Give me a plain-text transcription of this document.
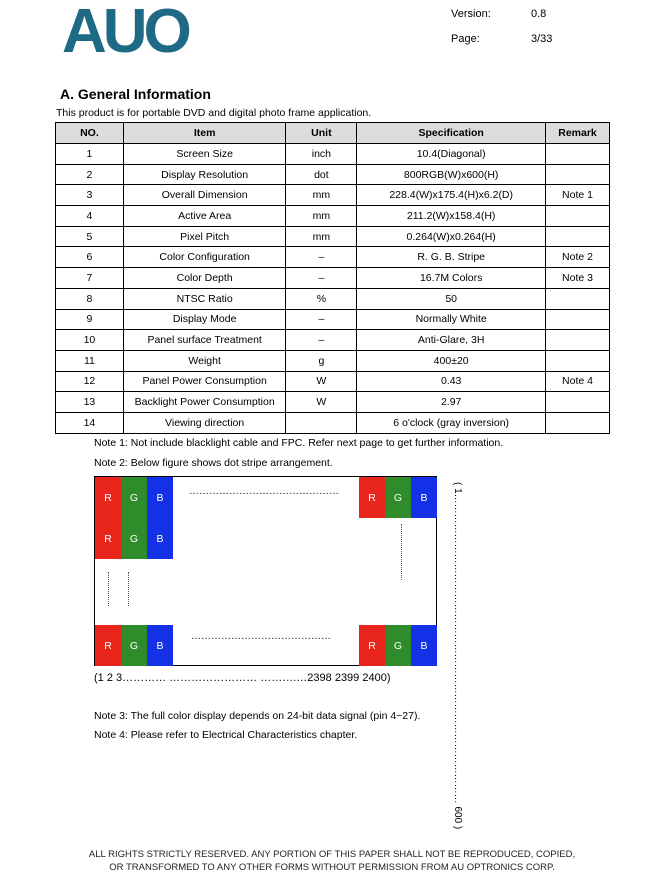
AUO	Version:	0.8
Page:	3/33
A. General Information
This product is for portable DVD and digital photo frame application.
NO.	Item	Unit	Specification	Remark
1	Screen Size	inch	10.4(Diagonal)	
2	Display Resolution	dot	800RGB(W)x600(H)	
3	Overall Dimension	mm	228.4(W)x175.4(H)x6.2(D)	Note 1
4	Active Area	mm	211.2(W)x158.4(H)	
5	Pixel Pitch	mm	0.264(W)x0.264(H)	
6	Color Configuration	–	R. G. B. Stripe	Note 2
7	Color Depth	–	16.7M Colors	Note 3
8	NTSC Ratio	%	50	
9	Display Mode	–	Normally White	
10	Panel surface Treatment	–	Anti-Glare, 3H	
11	Weight	g	400±20	
12	Panel Power Consumption	W	0.43	Note 4
13	Backlight Power Consumption	W	2.97	
14	Viewing direction		6 o'clock (gray inversion)	
Note 1: Not include blacklight cable and FPC. Refer next page to get further information.
Note 2: Below figure shows dot stripe arrangement.
R	G	B
R	G	B
R	G	B
R	G	B	R	G	B
………………………………………
……………………………………	( 1………………………………………………………………………………… 600 )
(1 2 3………… …………………… ……….…2398 2399 2400)
Note 3: The full color display depends on 24-bit data signal (pin 4~27).
Note 4: Please refer to Electrical Characteristics chapter.
ALL RIGHTS STRICTLY RESERVED. ANY PORTION OF THIS PAPER SHALL NOT BE REPRODUCED, COPIED,
OR TRANSFORMED TO ANY OTHER FORMS WITHOUT PERMISSION FROM AU OPTRONICS CORP.
